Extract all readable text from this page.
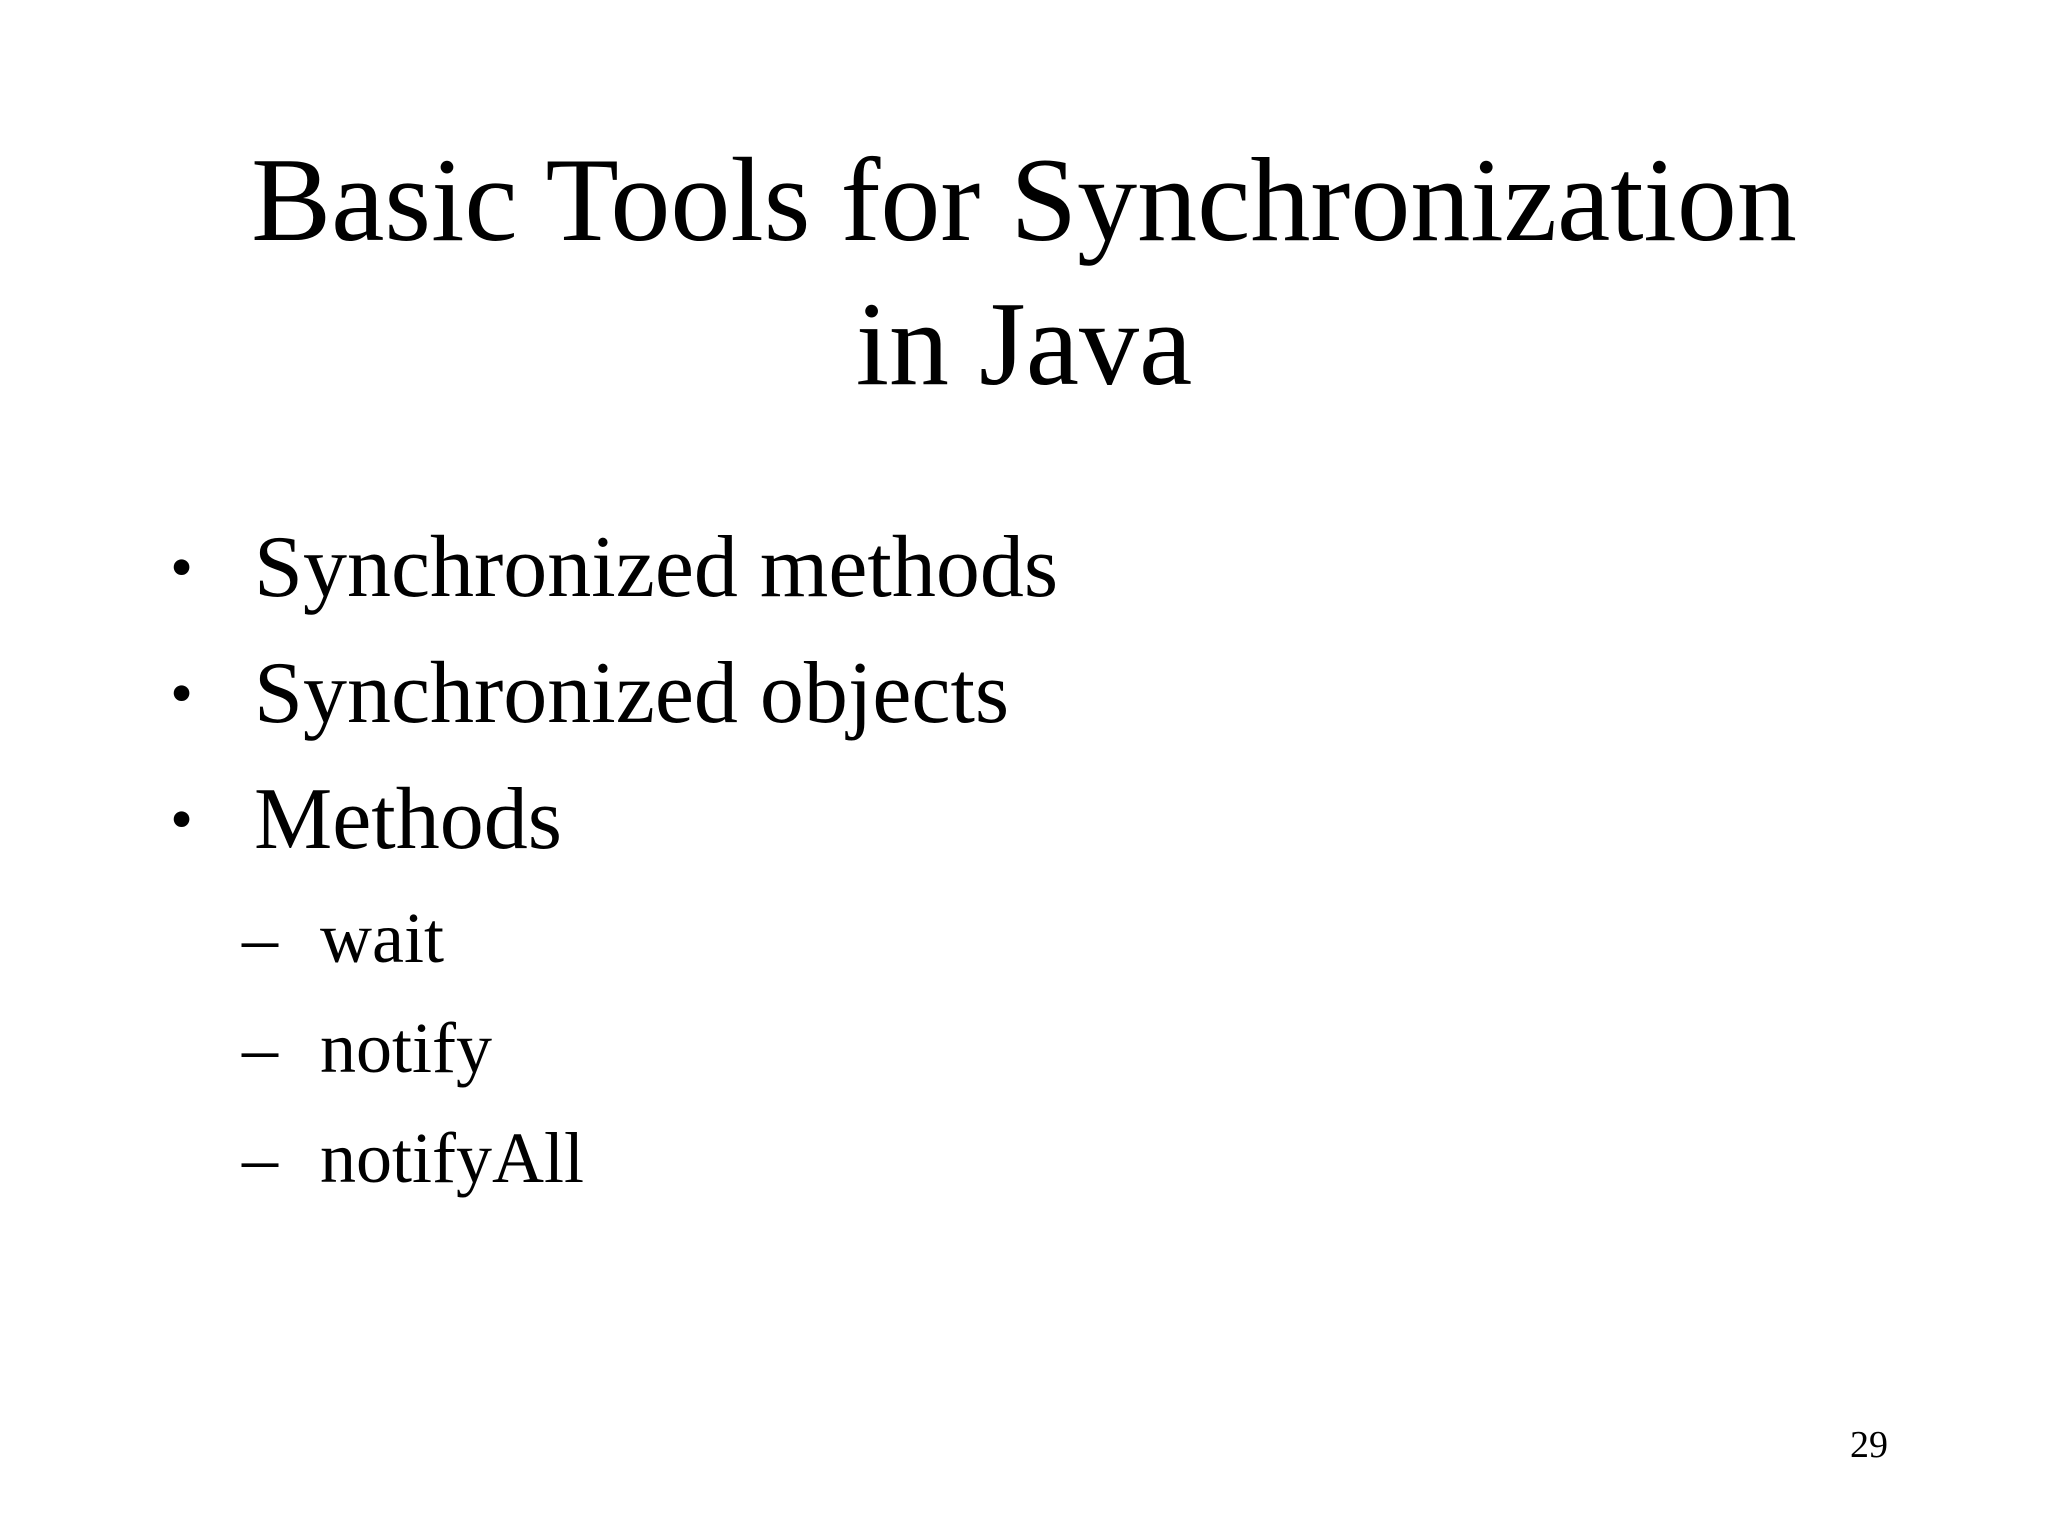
Basic Tools for Synchronization
in Java
• Synchronized methods
• Synchronized objects
• Methods
– wait
– notify
– notifyAll
29
